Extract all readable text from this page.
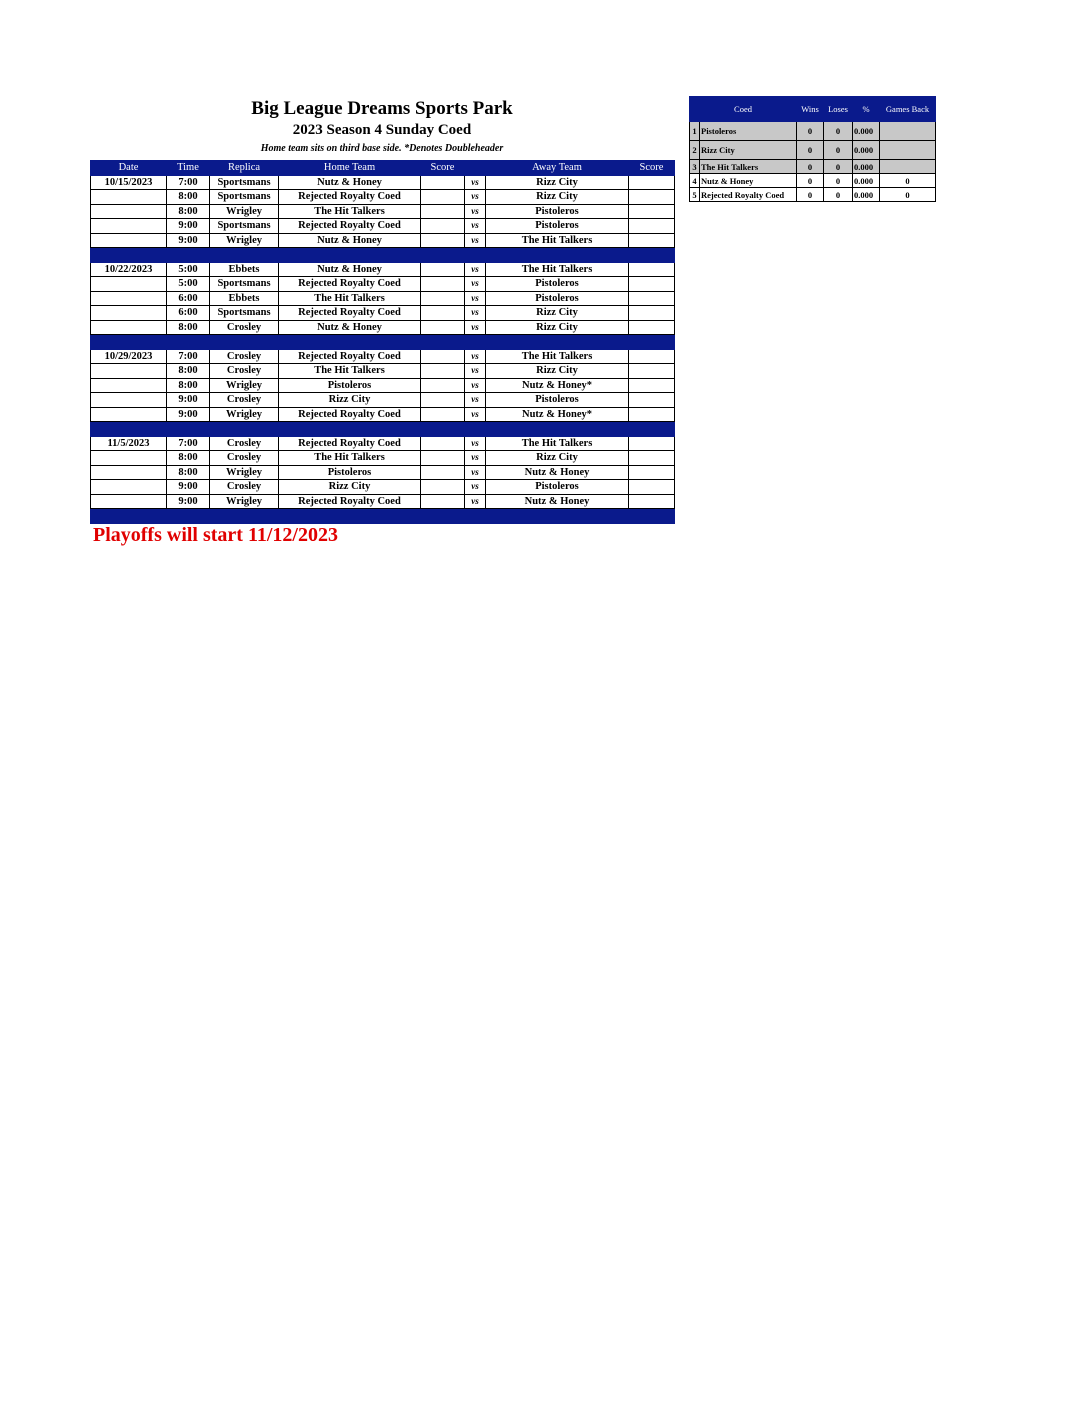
Big League Dreams Sports Park
2023 Season 4 Sunday Coed
Home team sits on third base side. *Denotes Doubleheader
Date	Time	Replica	Home Team	Score		Away Team	Score
10/15/2023	7:00	Sportsmans	Nutz & Honey		vs	Rizz City	
	8:00	Sportsmans	Rejected Royalty Coed		vs	Rizz City	
	8:00	Wrigley	The Hit Talkers		vs	Pistoleros	
	9:00	Sportsmans	Rejected Royalty Coed		vs	Pistoleros	
	9:00	Wrigley	Nutz & Honey		vs	The Hit Talkers	

10/22/2023	5:00	Ebbets	Nutz & Honey		vs	The Hit Talkers	
	5:00	Sportsmans	Rejected Royalty Coed		vs	Pistoleros	
	6:00	Ebbets	The Hit Talkers		vs	Pistoleros	
	6:00	Sportsmans	Rejected Royalty Coed		vs	Rizz City	
	8:00	Crosley	Nutz & Honey		vs	Rizz City	

10/29/2023	7:00	Crosley	Rejected Royalty Coed		vs	The Hit Talkers	
	8:00	Crosley	The Hit Talkers		vs	Rizz City	
	8:00	Wrigley	Pistoleros		vs	Nutz & Honey*	
	9:00	Crosley	Rizz City		vs	Pistoleros	
	9:00	Wrigley	Rejected Royalty Coed		vs	Nutz & Honey*	

11/5/2023	7:00	Crosley	Rejected Royalty Coed		vs	The Hit Talkers	
	8:00	Crosley	The Hit Talkers		vs	Rizz City	
	8:00	Wrigley	Pistoleros		vs	Nutz & Honey	
	9:00	Crosley	Rizz City		vs	Pistoleros	
	9:00	Wrigley	Rejected Royalty Coed		vs	Nutz & Honey	

Coed		Wins	Loses	%	Games Back
1	Pistoleros	0	0	0.000	
2	Rizz City	0	0	0.000	
3	The Hit Talkers	0	0	0.000	
4	Nutz & Honey	0	0	0.000	0
5	Rejected Royalty Coed	0	0	0.000	0
Playoffs will start 11/12/2023
